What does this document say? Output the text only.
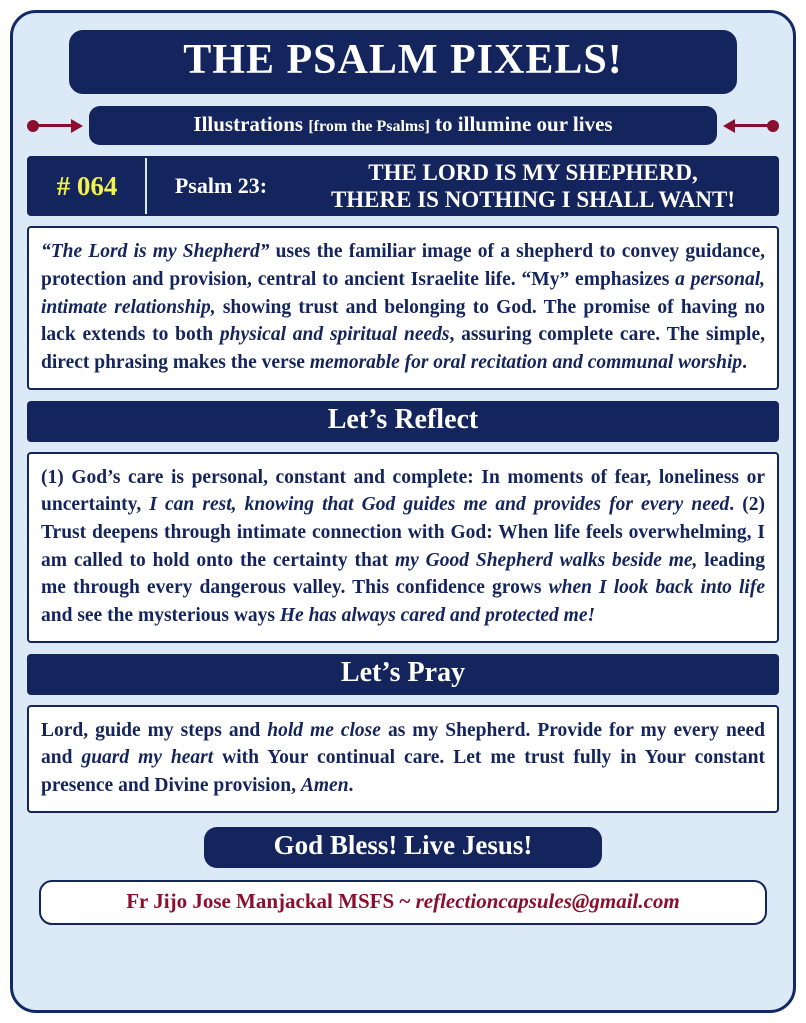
THE PSALM PIXELS!
Illustrations [from the Psalms] to illumine our lives
# 064	Psalm 23:
THE LORD IS MY SHEPHERD,
THERE IS NOTHING I SHALL WANT!
“The Lord is my Shepherd” uses the familiar image of a shepherd to convey guidance, protection and provision, central to ancient Israelite life. “My” emphasizes a personal, intimate relationship, showing trust and belonging to God. The promise of having no lack extends to both physical and spiritual needs, assuring complete care. The simple, direct phrasing makes the verse memorable for oral recitation and communal worship.
Let’s Reflect
(1) God’s care is personal, constant and complete: In moments of fear, loneliness or uncertainty, I can rest, knowing that God guides me and provides for every need. (2) Trust deepens through intimate connection with God: When life feels overwhelming, I am called to hold onto the certainty that my Good Shepherd walks beside me, leading me through every dangerous valley. This confidence grows when I look back into life and see the mysterious ways He has always cared and protected me!
Let’s Pray
Lord, guide my steps and hold me close as my Shepherd. Provide for my every need and guard my heart with Your continual care. Let me trust fully in Your constant presence and Divine provision, Amen.
God Bless! Live Jesus!
Fr Jijo Jose Manjackal MSFS ~ reflectioncapsules@gmail.com
